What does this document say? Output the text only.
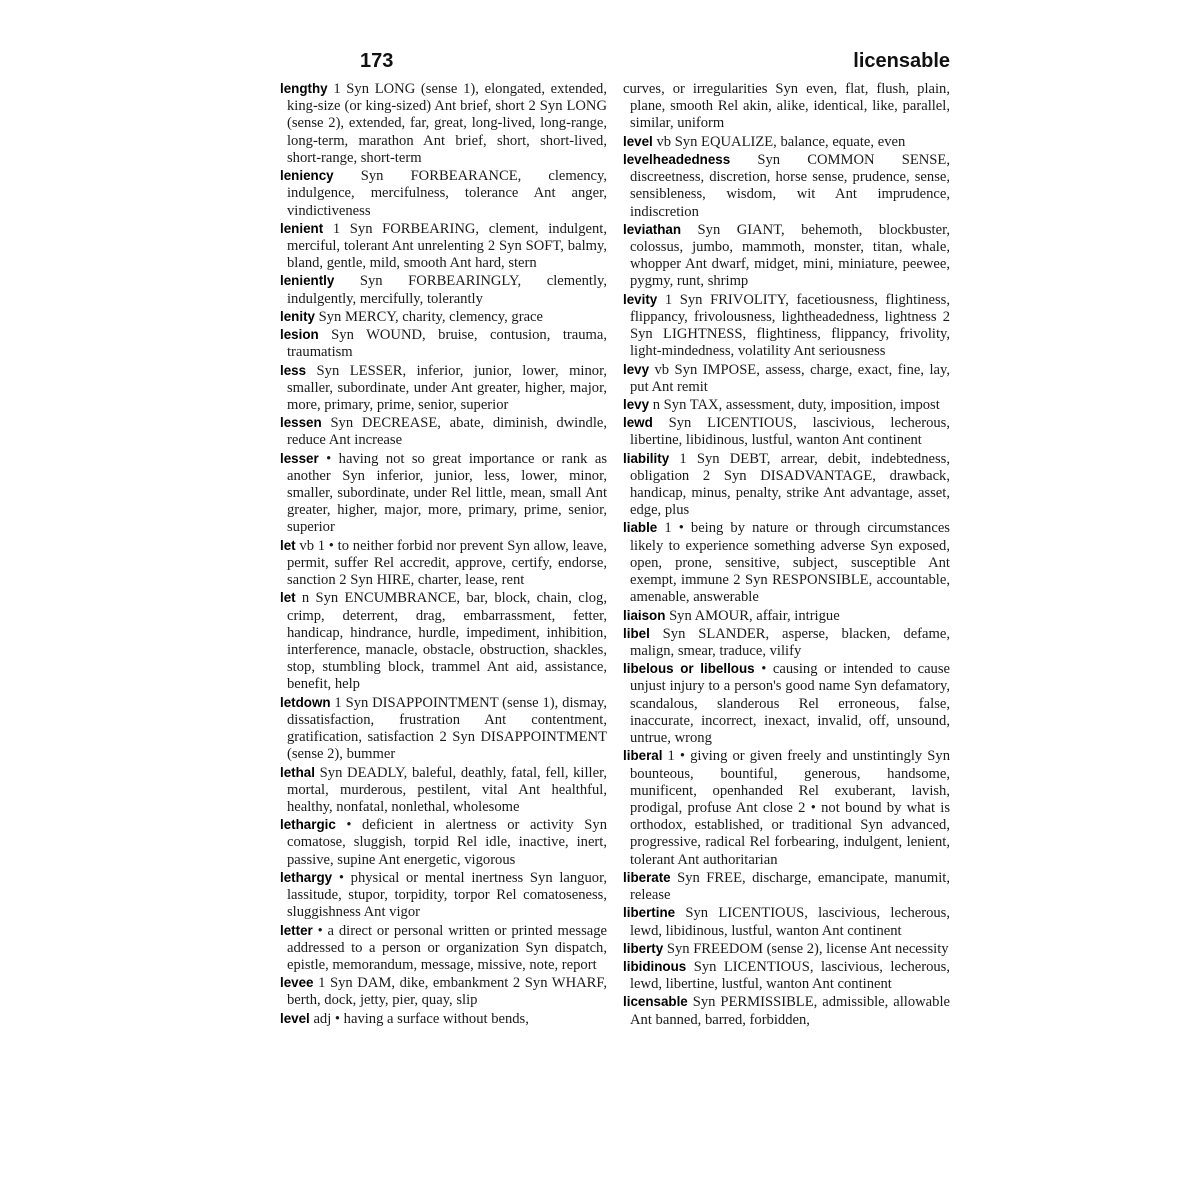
173	licensable

lengthy 1 Syn LONG (sense 1), elongated, extended, king-size (or king-sized) Ant brief, short 2 Syn LONG (sense 2), extended, far, great, long-lived, long-range, long-term, marathon Ant brief, short, short-lived, short-range, short-term

leniency Syn FORBEARANCE, clemency, indulgence, mercifulness, tolerance Ant anger, vindictiveness

lenient 1 Syn FORBEARING, clement, indulgent, merciful, tolerant Ant unrelenting 2 Syn SOFT, balmy, bland, gentle, mild, smooth Ant hard, stern

leniently Syn FORBEARINGLY, clemently, indulgently, mercifully, tolerantly

lenity Syn MERCY, charity, clemency, grace

lesion Syn WOUND, bruise, contusion, trauma, traumatism

less Syn LESSER, inferior, junior, lower, minor, smaller, subordinate, under Ant greater, higher, major, more, primary, prime, senior, superior

lessen Syn DECREASE, abate, diminish, dwindle, reduce Ant increase

lesser • having not so great importance or rank as another Syn inferior, junior, less, lower, minor, smaller, subordinate, under Rel little, mean, small Ant greater, higher, major, more, primary, prime, senior, superior

let vb 1 • to neither forbid nor prevent Syn allow, leave, permit, suffer Rel accredit, approve, certify, endorse, sanction 2 Syn HIRE, charter, lease, rent

let n Syn ENCUMBRANCE, bar, block, chain, clog, crimp, deterrent, drag, embarrassment, fetter, handicap, hindrance, hurdle, impediment, inhibition, interference, manacle, obstacle, obstruction, shackles, stop, stumbling block, trammel Ant aid, assistance, benefit, help

letdown 1 Syn DISAPPOINTMENT (sense 1), dismay, dissatisfaction, frustration Ant contentment, gratification, satisfaction 2 Syn DISAPPOINTMENT (sense 2), bummer

lethal Syn DEADLY, baleful, deathly, fatal, fell, killer, mortal, murderous, pestilent, vital Ant healthful, healthy, nonfatal, nonlethal, wholesome

lethargic • deficient in alertness or activity Syn comatose, sluggish, torpid Rel idle, inactive, inert, passive, supine Ant energetic, vigorous

lethargy • physical or mental inertness Syn languor, lassitude, stupor, torpidity, torpor Rel comatoseness, sluggishness Ant vigor

letter • a direct or personal written or printed message addressed to a person or organization Syn dispatch, epistle, memorandum, message, missive, note, report

levee 1 Syn DAM, dike, embankment 2 Syn WHARF, berth, dock, jetty, pier, quay, slip

level adj • having a surface without bends,

curves, or irregularities Syn even, flat, flush, plain, plane, smooth Rel akin, alike, identical, like, parallel, similar, uniform

level vb Syn EQUALIZE, balance, equate, even

levelheadedness Syn COMMON SENSE, discreetness, discretion, horse sense, prudence, sense, sensibleness, wisdom, wit Ant imprudence, indiscretion

leviathan Syn GIANT, behemoth, blockbuster, colossus, jumbo, mammoth, monster, titan, whale, whopper Ant dwarf, midget, mini, miniature, peewee, pygmy, runt, shrimp

levity 1 Syn FRIVOLITY, facetiousness, flightiness, flippancy, frivolousness, lightheadedness, lightness 2 Syn LIGHTNESS, flightiness, flippancy, frivolity, light-mindedness, volatility Ant seriousness

levy vb Syn IMPOSE, assess, charge, exact, fine, lay, put Ant remit

levy n Syn TAX, assessment, duty, imposition, impost

lewd Syn LICENTIOUS, lascivious, lecherous, libertine, libidinous, lustful, wanton Ant continent

liability 1 Syn DEBT, arrear, debit, indebtedness, obligation 2 Syn DISADVANTAGE, drawback, handicap, minus, penalty, strike Ant advantage, asset, edge, plus

liable 1 • being by nature or through circumstances likely to experience something adverse Syn exposed, open, prone, sensitive, subject, susceptible Ant exempt, immune 2 Syn RESPONSIBLE, accountable, amenable, answerable

liaison Syn AMOUR, affair, intrigue

libel Syn SLANDER, asperse, blacken, defame, malign, smear, traduce, vilify

libelous or libellous • causing or intended to cause unjust injury to a person's good name Syn defamatory, scandalous, slanderous Rel erroneous, false, inaccurate, incorrect, inexact, invalid, off, unsound, untrue, wrong

liberal 1 • giving or given freely and unstintingly Syn bounteous, bountiful, generous, handsome, munificent, openhanded Rel exuberant, lavish, prodigal, profuse Ant close 2 • not bound by what is orthodox, established, or traditional Syn advanced, progressive, radical Rel forbearing, indulgent, lenient, tolerant Ant authoritarian

liberate Syn FREE, discharge, emancipate, manumit, release

libertine Syn LICENTIOUS, lascivious, lecherous, lewd, libidinous, lustful, wanton Ant continent

liberty Syn FREEDOM (sense 2), license Ant necessity

libidinous Syn LICENTIOUS, lascivious, lecherous, lewd, libertine, lustful, wanton Ant continent

licensable Syn PERMISSIBLE, admissible, allowable Ant banned, barred, forbidden,
